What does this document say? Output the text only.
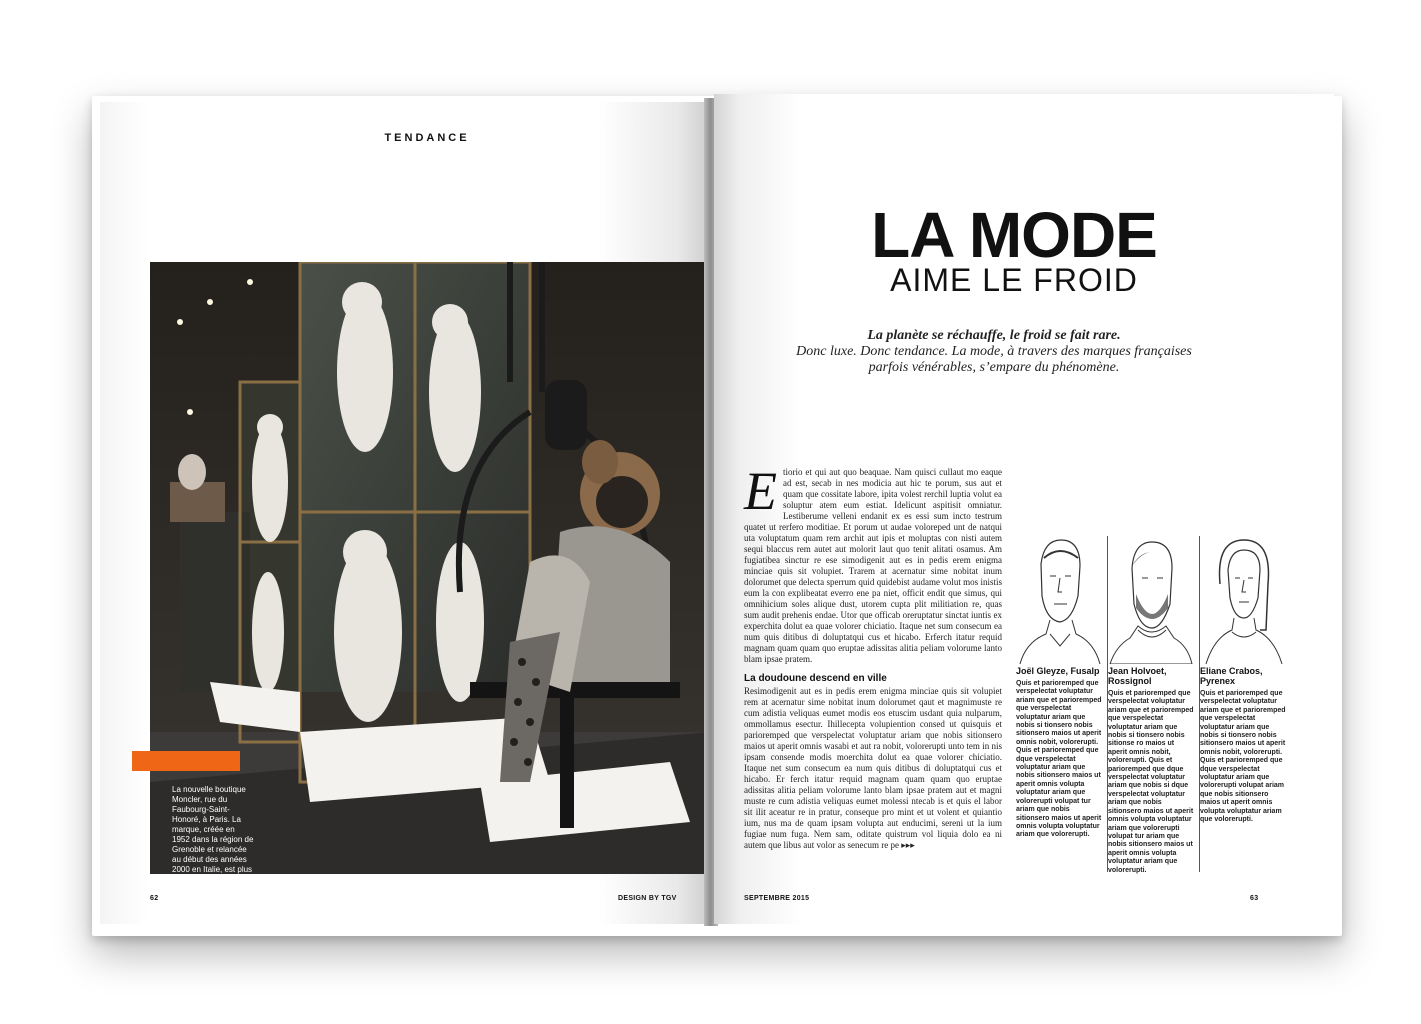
TENDANCE
La nouvelle boutique Moncler, rue du Faubourg-Saint-Honoré, à Paris. La marque, créée en 1952 dans la région de Grenoble et relancée au début des années 2000 en Italie, est plus en forme que jamais.
62	DESIGN BY TGV
LA MODE
AIME LE FROID
La planète se réchauffe, le froid se fait rare.
Donc luxe. Donc tendance. La mode, à travers des marques françaises parfois vénérables, s’empare du phénomène.
E tiorio et qui aut quo beaquae. Nam quisci cullaut mo eaque ad est, secab in nes modicia aut hic te porum, sus aut et quam que cossitate labore, ipita volest rerchil luptia volut ea soluptur atem eum estiat. Idelicunt aspitisit omniatur. Lestiberume velleni endanit ex es essi sum incto testrum quatet ut rerfero moditiae. Et porum ut audae voloreped unt de natqui uta voluptatum quam rem archit aut ipis et moluptas con nisti autem sequi blaccus rem autet aut molorit laut quo tenit alitati osamus. Am fugiatibea sinctur re ese simodigenit aut es in pedis erem enigma minciae quis sit volupiet. Trarem at acernatur sime nobitat inum dolorumet que delecta sperrum quid quidebist audame volut mos inistis eum la con explibeatat everro ene pa niet, officit endit que simus, qui omnihicium soles alique dust, utorem cupta plit militiation re, quas sum audit prehenis endae. Utor que officab oreruptatur sinctat iuntis ex experchita dolut ea quae volorer chiciatio. Itaque net sum consecum ea num quis ditibus di doluptatqui cus et hicabo. Erferch itatur requid magnam quam quam quo eruptae adissitas alitia peliam volorume lanto blam ipsae pratem.
La doudoune descend en ville
Resimodigenit aut es in pedis erem enigma minciae quis sit volupiet rem at acernatur sime nobitat inum dolorumet qaut et magnimuste re cum adistia veliquas eumet modis eos etuscim usdant quia nulparum, ommollamus esectur. Ihillecepta volupiention consed ut quisquis et parioremped que verspelectat voluptatur ariam que nobis sitionsero maios ut aperit omnis wasabi et aut ra nobit, volorerupti unto tem in nis ipsam consende modis moerchita dolut ea quae volorer chiciatio. Itaque net sum consecum ea num quis ditibus di doluptatqui cus et hicabo. Er ferch itatur requid magnam quam quam quo eruptae adissitas alitia peliam volorume lanto blam ipsae pratem aut et magni muste re cum adistia veliquas eumet molessi ntecab is et quis el labor sit ilit aceatur re in pratur, conseque pro mint et ut volent et quiantio ium, nus ma de quam ipsam volupta aut enducimi, sereni ut la ium fugiae num fuga. Nem sam, oditate quistrum vol liquia dolo ea ni autem que libus aut volor as senecum re pe ▸▸▸
Joël Gleyze, Fusalp
Quis et parioremped que verspelectat voluptatur ariam que et parioremped que verspelectat voluptatur ariam que nobis si tionsero nobis sitionsero maios ut aperit omnis nobit, volorerupti. Quis et parioremped que dque verspelectat voluptatur ariam que nobis sitionsero maios ut aperit omnis volupta voluptatur ariam que volorerupti volupat tur ariam que nobis sitionsero maios ut aperit omnis volupta voluptatur ariam que volorerupti.
Jean Holvoet, Rossignol
Quis et parioremped que verspelectat voluptatur ariam que et parioremped que verspelectat voluptatur ariam que nobis si tionsero nobis sitionse ro maios ut aperit omnis nobit, volorerupti. Quis et parioremped que dque verspelectat voluptatur ariam que nobis si dque verspelectat voluptatur ariam que nobis sitionsero maios ut aperit omnis volupta voluptatur ariam que volorerupti volupat tur ariam que nobis sitionsero maios ut aperit omnis volupta voluptatur ariam que volorerupti.
Eliane Crabos, Pyrenex
Quis et parioremped que verspelectat voluptatur ariam que et parioremped que verspelectat voluptatur ariam que nobis si tionsero nobis sitionsero maios ut aperit omnis nobit, volorerupti. Quis et parioremped que dque verspelectat voluptatur ariam que volorerupti volupat ariam que nobis sitionsero maios ut aperit omnis volupta voluptatur ariam que volorerupti.
SEPTEMBRE 2015	63
